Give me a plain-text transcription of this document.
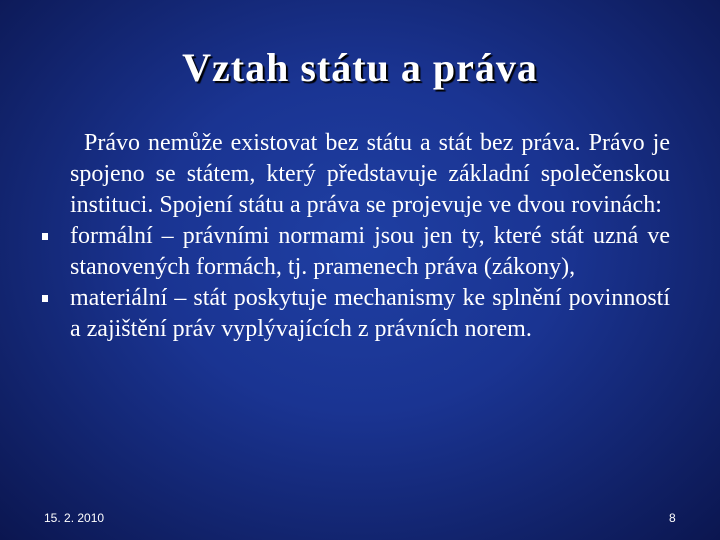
Vztah státu a práva
Právo nemůže existovat bez státu a stát bez práva. Právo je spojeno se státem, který představuje základní společenskou instituci. Spojení státu a práva se projevuje ve dvou rovinách:
formální – právními normami jsou jen ty, které stát uzná ve stanovených formách, tj. pramenech práva (zákony),
materiální – stát poskytuje mechanismy ke splnění povinností a zajištění práv vyplývajících z právních norem.
15. 2. 2010	8
